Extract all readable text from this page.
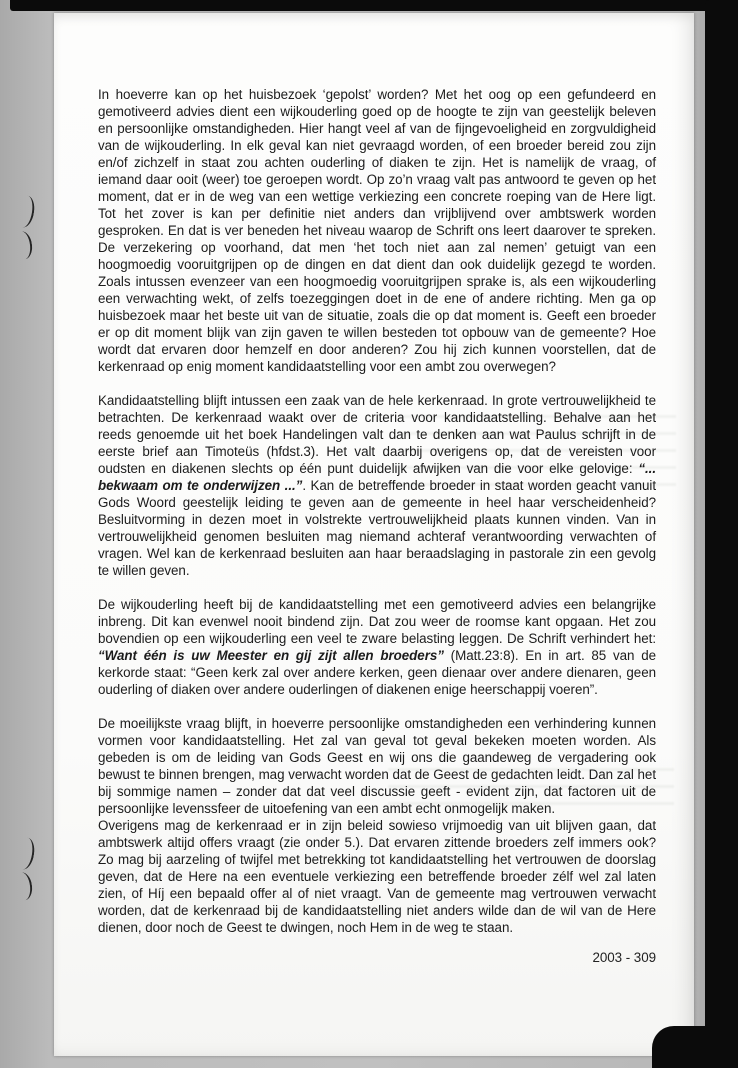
In hoeverre kan op het huisbezoek ‘gepolst’ worden? Met het oog op een gefundeerd en gemotiveerd advies dient een wijkouderling goed op de hoogte te zijn van geestelijk beleven en persoonlijke omstandigheden. Hier hangt veel af van de fijngevoeligheid en zorgvuldigheid van de wijkouderling. In elk geval kan niet gevraagd worden, of een broeder bereid zou zijn en/of zichzelf in staat zou achten ouderling of diaken te zijn. Het is namelijk de vraag, of iemand daar ooit (weer) toe geroepen wordt. Op zo’n vraag valt pas antwoord te geven op het moment, dat er in de weg van een wettige verkiezing een concrete roeping van de Here ligt. Tot het zover is kan per definitie niet anders dan vrijblijvend over ambtswerk worden gesproken. En dat is ver beneden het niveau waarop de Schrift ons leert daarover te spreken. De verzekering op voorhand, dat men ‘het toch niet aan zal nemen’ getuigt van een hoogmoedig vooruitgrijpen op de dingen en dat dient dan ook duidelijk gezegd te worden. Zoals intussen evenzeer van een hoogmoedig vooruitgrijpen sprake is, als een wijkouderling een verwachting wekt, of zelfs toezeggingen doet in de ene of andere richting. Men ga op huisbezoek maar het beste uit van de situatie, zoals die op dat moment is. Geeft een broeder er op dit moment blijk van zijn gaven te willen besteden tot opbouw van de gemeente? Hoe wordt dat ervaren door hemzelf en door anderen? Zou hij zich kunnen voorstellen, dat de kerkenraad op enig moment kandidaatstelling voor een ambt zou overwegen?

Kandidaatstelling blijft intussen een zaak van de hele kerkenraad. In grote vertrouwelijkheid te betrachten. De kerkenraad waakt over de criteria voor kandidaatstelling. Behalve aan het reeds genoemde uit het boek Handelingen valt dan te denken aan wat Paulus schrijft in de eerste brief aan Timoteüs (hfdst.3). Het valt daarbij overigens op, dat de vereisten voor oudsten en diakenen slechts op één punt duidelijk afwijken van die voor elke gelovige: “... bekwaam om te onderwijzen ...”. Kan de betreffende broeder in staat worden geacht vanuit Gods Woord geestelijk leiding te geven aan de gemeente in heel haar verscheidenheid? Besluitvorming in dezen moet in volstrekte vertrouwelijkheid plaats kunnen vinden. Van in vertrouwelijkheid genomen besluiten mag niemand achteraf verantwoording verwachten of vragen. Wel kan de kerkenraad besluiten aan haar beraadslaging in pastorale zin een gevolg te willen geven.

De wijkouderling heeft bij de kandidaatstelling met een gemotiveerd advies een belangrijke inbreng. Dit kan evenwel nooit bindend zijn. Dat zou weer de roomse kant opgaan. Het zou bovendien op een wijkouderling een veel te zware belasting leggen. De Schrift verhindert het: “Want één is uw Meester en gij zijt allen broeders” (Matt.23:8). En in art. 85 van de kerkorde staat: “Geen kerk zal over andere kerken, geen dienaar over andere dienaren, geen ouderling of diaken over andere ouderlingen of diakenen enige heerschappij voeren”.

De moeilijkste vraag blijft, in hoeverre persoonlijke omstandigheden een verhindering kunnen vormen voor kandidaatstelling. Het zal van geval tot geval bekeken moeten worden. Als gebeden is om de leiding van Gods Geest en wij ons die gaandeweg de vergadering ook bewust te binnen brengen, mag verwacht worden dat de Geest de gedachten leidt. Dan zal het bij sommige namen – zonder dat dat veel discussie geeft - evident zijn, dat factoren uit de persoonlijke levenssfeer de uitoefening van een ambt echt onmogelijk maken.

Overigens mag de kerkenraad er in zijn beleid sowieso vrijmoedig van uit blijven gaan, dat ambtswerk altijd offers vraagt (zie onder 5.). Dat ervaren zittende broeders zelf immers ook? Zo mag bij aarzeling of twijfel met betrekking tot kandidaatstelling het vertrouwen de doorslag geven, dat de Here na een eventuele verkiezing een betreffende broeder zélf wel zal laten zien, of Híj een bepaald offer al of niet vraagt. Van de gemeente mag vertrouwen verwacht worden, dat de kerkenraad bij de kandidaatstelling niet anders wilde dan de wil van de Here dienen, door noch de Geest te dwingen, noch Hem in de weg te staan.

2003 - 309
